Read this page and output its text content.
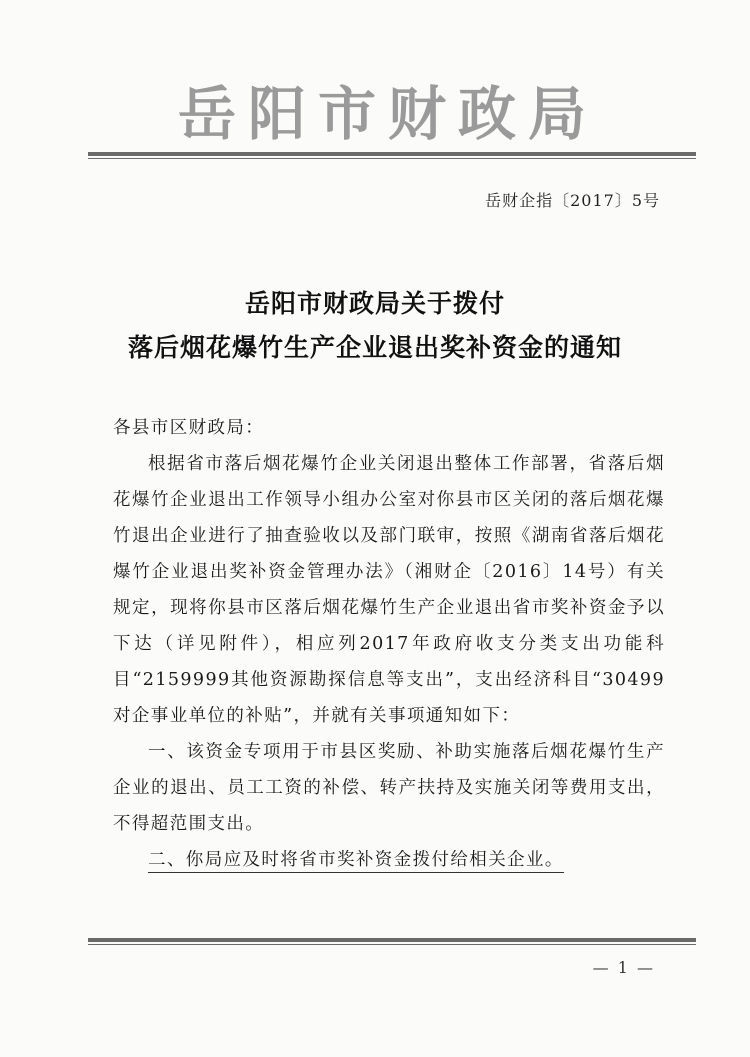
岳阳市财政局
岳财企指〔2017〕5号
岳阳市财政局关于拨付
落后烟花爆竹生产企业退出奖补资金的通知

各县市区财政局：

根据省市落后烟花爆竹企业关闭退出整体工作部署，省落后烟花爆竹企业退出工作领导小组办公室对你县市区关闭的落后烟花爆竹退出企业进行了抽查验收以及部门联审，按照《湖南省落后烟花爆竹企业退出奖补资金管理办法》（湘财企〔2016〕14号）有关规定，现将你县市区落后烟花爆竹生产企业退出省市奖补资金予以下达（详见附件），相应列2017年政府收支分类支出功能科目“2159999其他资源勘探信息等支出”，支出经济科目“30499对企事业单位的补贴”，并就有关事项通知如下：

一、该资金专项用于市县区奖励、补助实施落后烟花爆竹生产企业的退出、员工工资的补偿、转产扶持及实施关闭等费用支出，不得超范围支出。

二、你局应及时将省市奖补资金拨付给相关企业。

— 1 —
